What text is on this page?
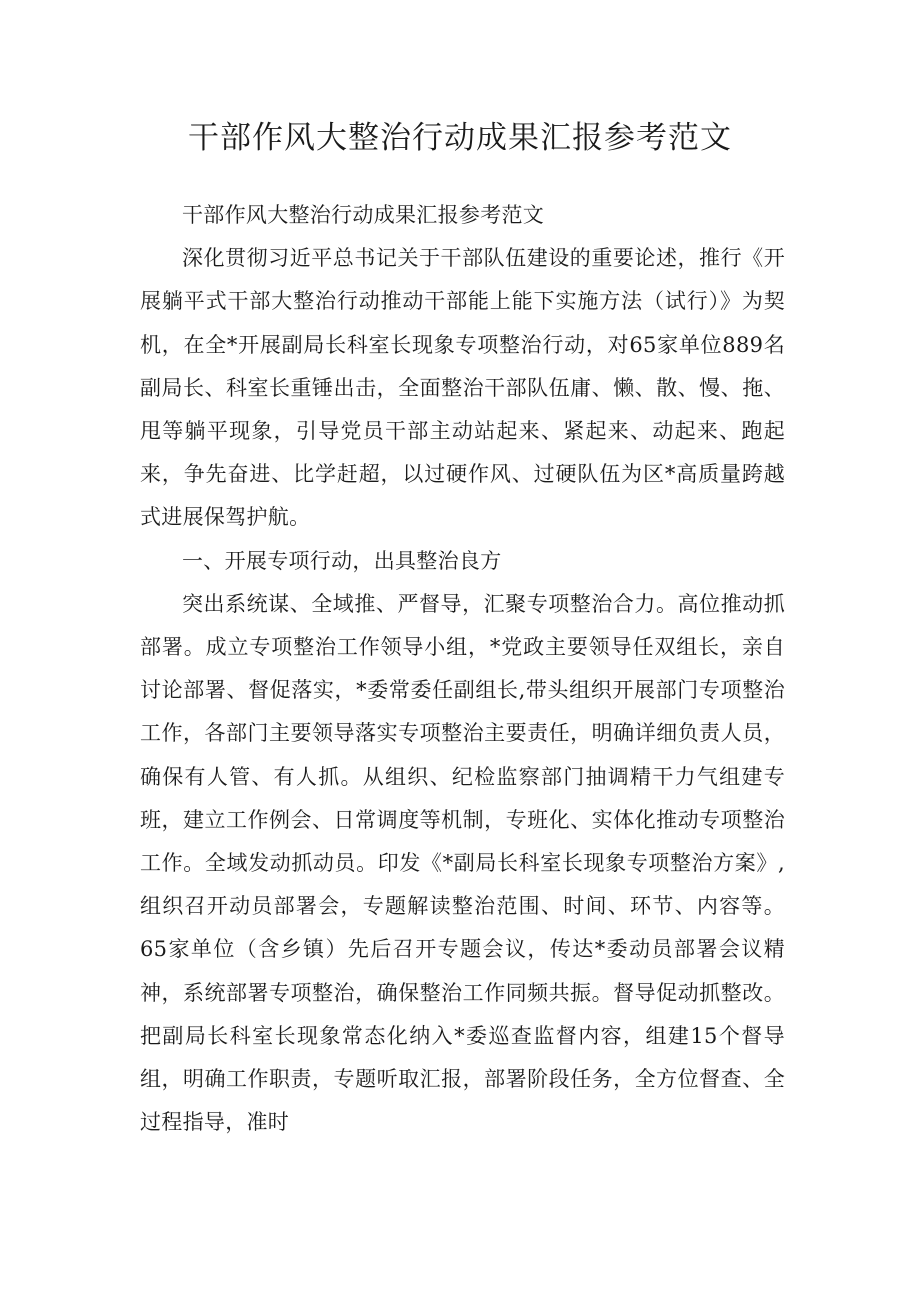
干部作风大整治行动成果汇报参考范文

干部作风大整治行动成果汇报参考范文

深化贯彻习近平总书记关于干部队伍建设的重要论述，推行《开展躺平式干部大整治行动推动干部能上能下实施方法（试行）》为契机，在全*开展副局长科室长现象专项整治行动，对65家单位889名副局长、科室长重锤出击，全面整治干部队伍庸、懒、散、慢、拖、甩等躺平现象，引导党员干部主动站起来、紧起来、动起来、跑起来，争先奋进、比学赶超，以过硬作风、过硬队伍为区*高质量跨越式进展保驾护航。

一、开展专项行动，出具整治良方

突出系统谋、全域推、严督导，汇聚专项整治合力。高位推动抓部署。成立专项整治工作领导小组，*党政主要领导任双组长，亲自讨论部署、督促落实，*委常委任副组长,带头组织开展部门专项整治工作，各部门主要领导落实专项整治主要责任，明确详细负责人员，确保有人管、有人抓。从组织、纪检监察部门抽调精干力气组建专班，建立工作例会、日常调度等机制，专班化、实体化推动专项整治工作。全域发动抓动员。印发《*副局长科室长现象专项整治方案》,组织召开动员部署会，专题解读整治范围、时间、环节、内容等。65家单位（含乡镇）先后召开专题会议，传达*委动员部署会议精神，系统部署专项整治，确保整治工作同频共振。督导促动抓整改。把副局长科室长现象常态化纳入*委巡查监督内容，组建15个督导组，明确工作职责，专题听取汇报，部署阶段任务，全方位督查、全过程指导，准时
